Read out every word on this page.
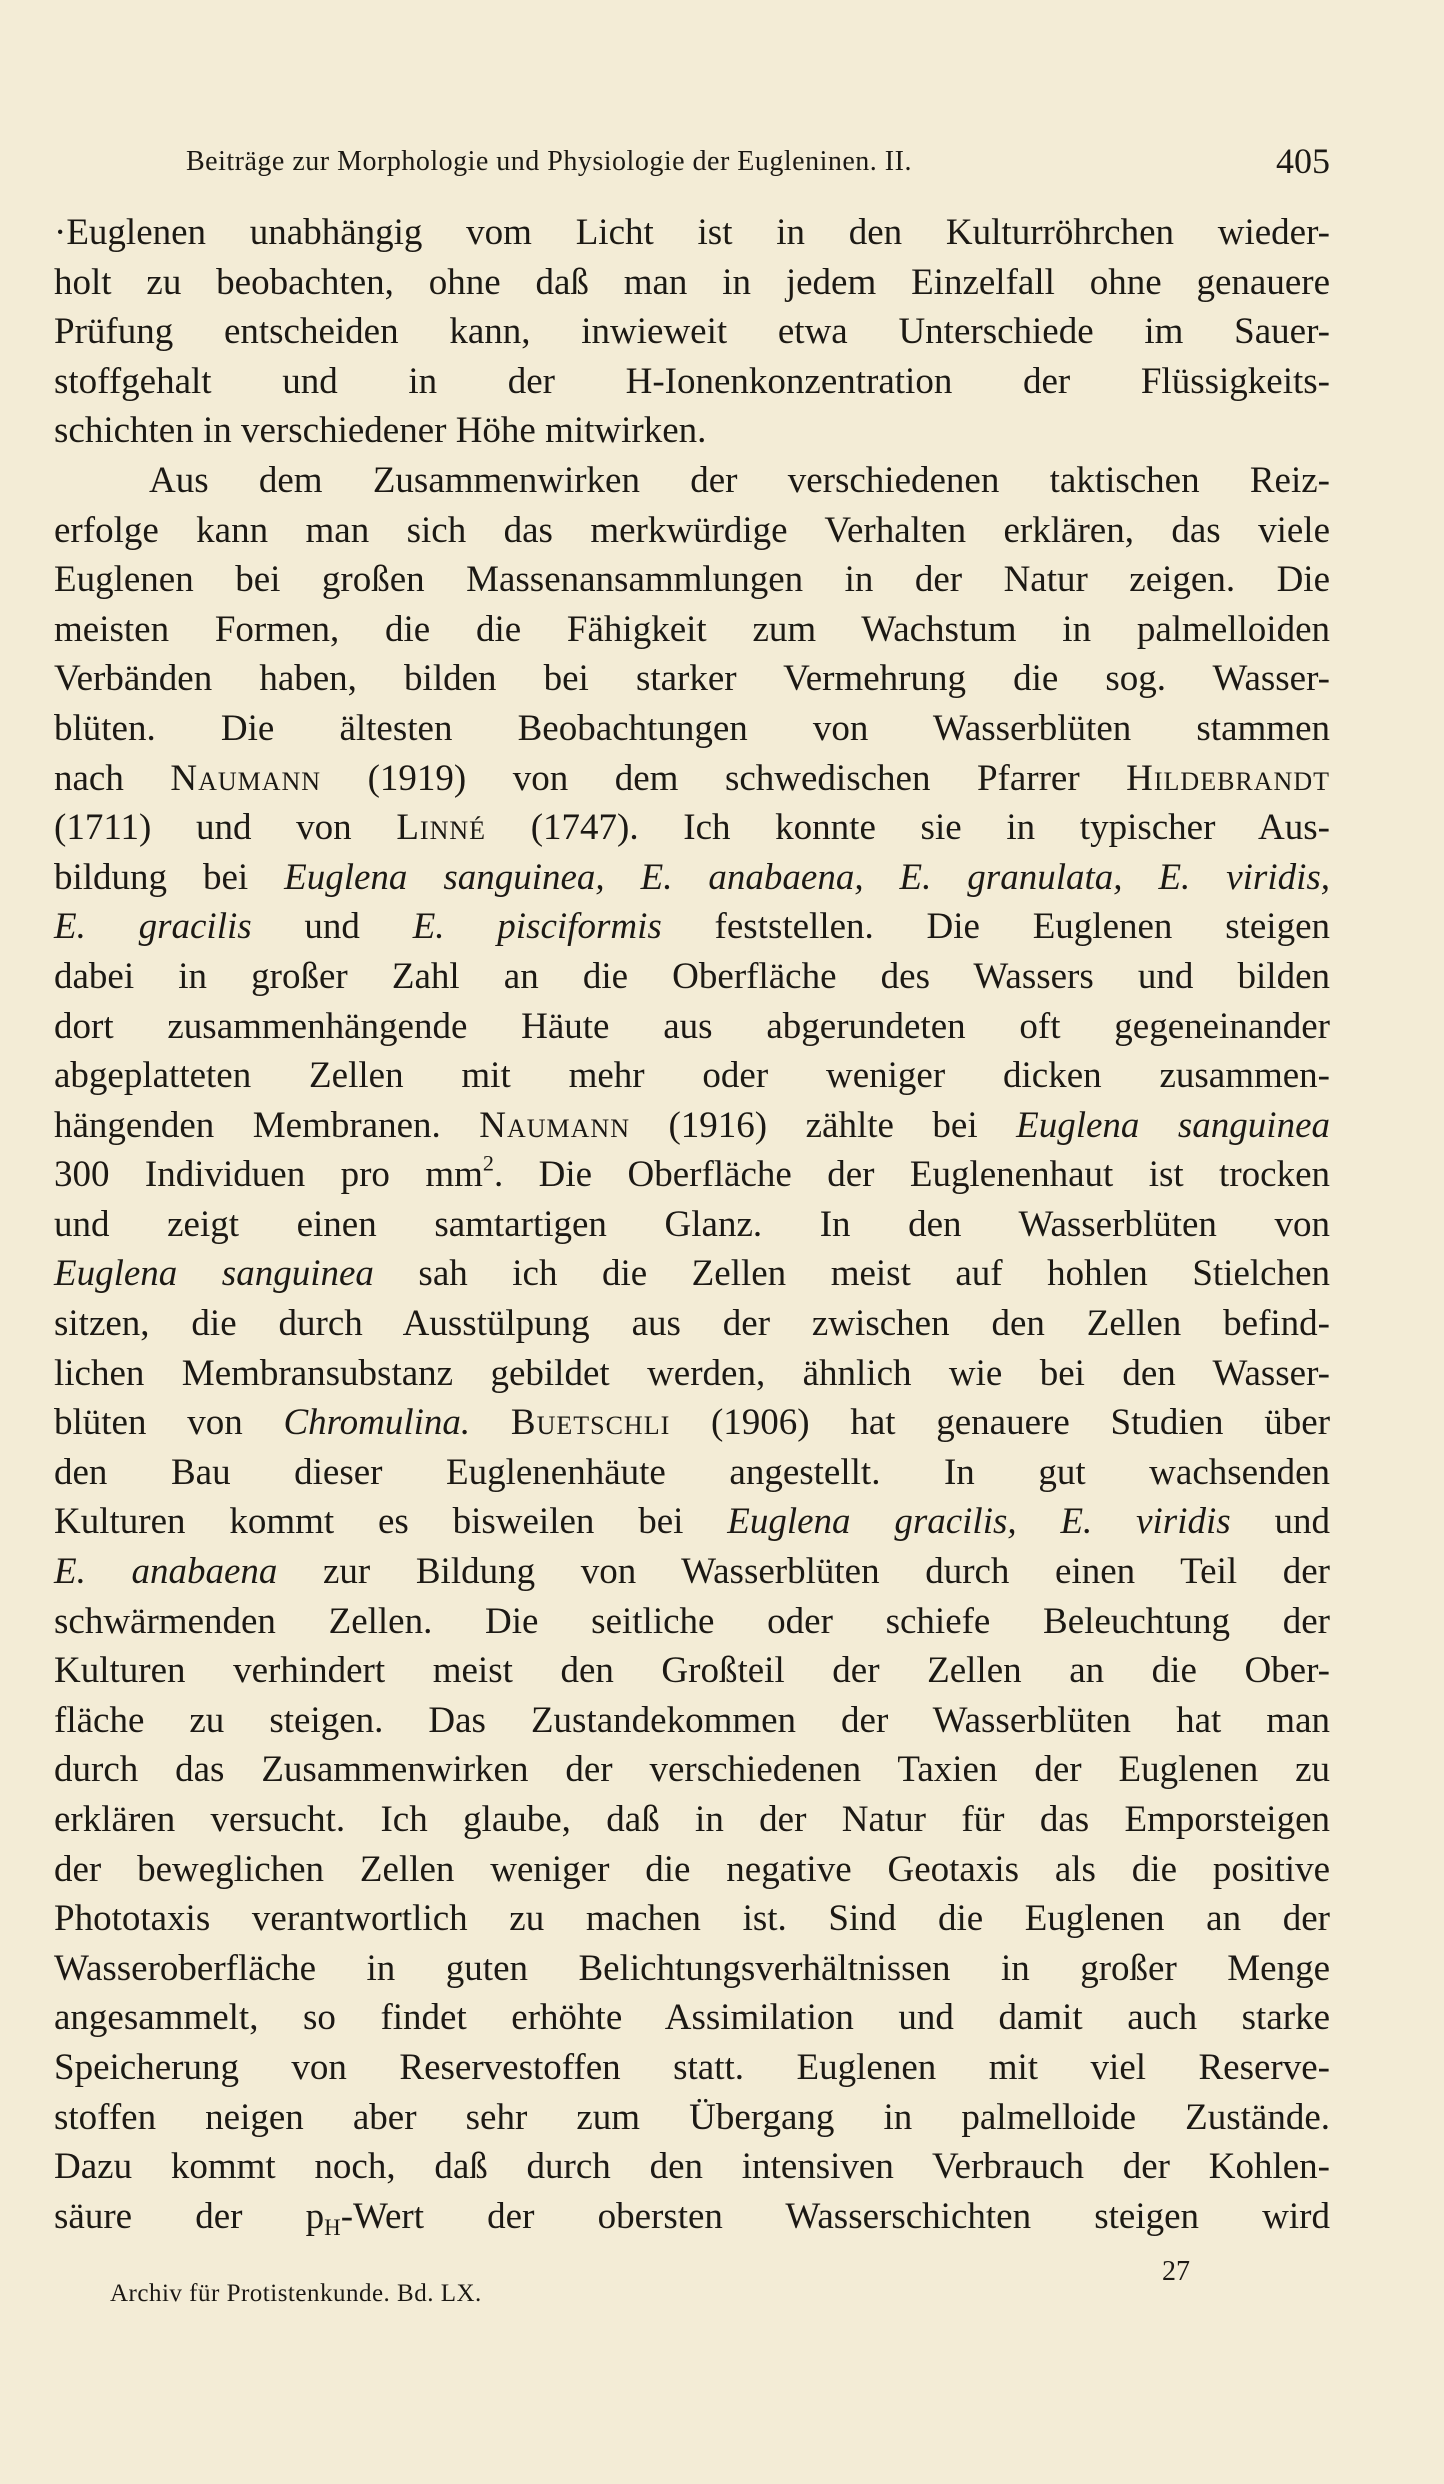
Beiträge zur Morphologie und Physiologie der Eugleninen. II.	405
·Euglenen unabhängig vom Licht ist in den Kulturröhrchen wieder-
holt zu beobachten, ohne daß man in jedem Einzelfall ohne genauere
Prüfung entscheiden kann, inwieweit etwa Unterschiede im Sauer-
stoffgehalt und in der H-Ionenkonzentration der Flüssigkeits-
schichten in verschiedener Höhe mitwirken.
Aus dem Zusammenwirken der verschiedenen taktischen Reiz-
erfolge kann man sich das merkwürdige Verhalten erklären, das viele
Euglenen bei großen Massenansammlungen in der Natur zeigen. Die
meisten Formen, die die Fähigkeit zum Wachstum in palmelloiden
Verbänden haben, bilden bei starker Vermehrung die sog. Wasser-
blüten. Die ältesten Beobachtungen von Wasserblüten stammen
nach Naumann (1919) von dem schwedischen Pfarrer Hildebrandt
(1711) und von Linné (1747). Ich konnte sie in typischer Aus-
bildung bei Euglena sanguinea, E. anabaena, E. granulata, E. viridis,
E. gracilis und E. pisciformis feststellen. Die Euglenen steigen
dabei in großer Zahl an die Oberfläche des Wassers und bilden
dort zusammenhängende Häute aus abgerundeten oft gegeneinander
abgeplatteten Zellen mit mehr oder weniger dicken zusammen-
hängenden Membranen. Naumann (1916) zählte bei Euglena sanguinea
300 Individuen pro $mm^2$. Die Oberfläche der Euglenenhaut ist trocken
und zeigt einen samtartigen Glanz. In den Wasserblüten von
Euglena sanguinea sah ich die Zellen meist auf hohlen Stielchen
sitzen, die durch Ausstülpung aus der zwischen den Zellen befind-
lichen Membransubstanz gebildet werden, ähnlich wie bei den Wasser-
blüten von Chromulina. Buetschli (1906) hat genauere Studien über
den Bau dieser Euglenenhäute angestellt. In gut wachsenden
Kulturen kommt es bisweilen bei Euglena gracilis, E. viridis und
E. anabaena zur Bildung von Wasserblüten durch einen Teil der
schwärmenden Zellen. Die seitliche oder schiefe Beleuchtung der
Kulturen verhindert meist den Großteil der Zellen an die Ober-
fläche zu steigen. Das Zustandekommen der Wasserblüten hat man
durch das Zusammenwirken der verschiedenen Taxien der Euglenen zu
erklären versucht. Ich glaube, daß in der Natur für das Emporsteigen
der beweglichen Zellen weniger die negative Geotaxis als die positive
Phototaxis verantwortlich zu machen ist. Sind die Euglenen an der
Wasseroberfläche in guten Belichtungsverhältnissen in großer Menge
angesammelt, so findet erhöhte Assimilation und damit auch starke
Speicherung von Reservestoffen statt. Euglenen mit viel Reserve-
stoffen neigen aber sehr zum Übergang in palmelloide Zustände.
Dazu kommt noch, daß durch den intensiven Verbrauch der Kohlen-
säure der $p_H$-Wert der obersten Wasserschichten steigen wird
Archiv für Protistenkunde. Bd. LX.
27
